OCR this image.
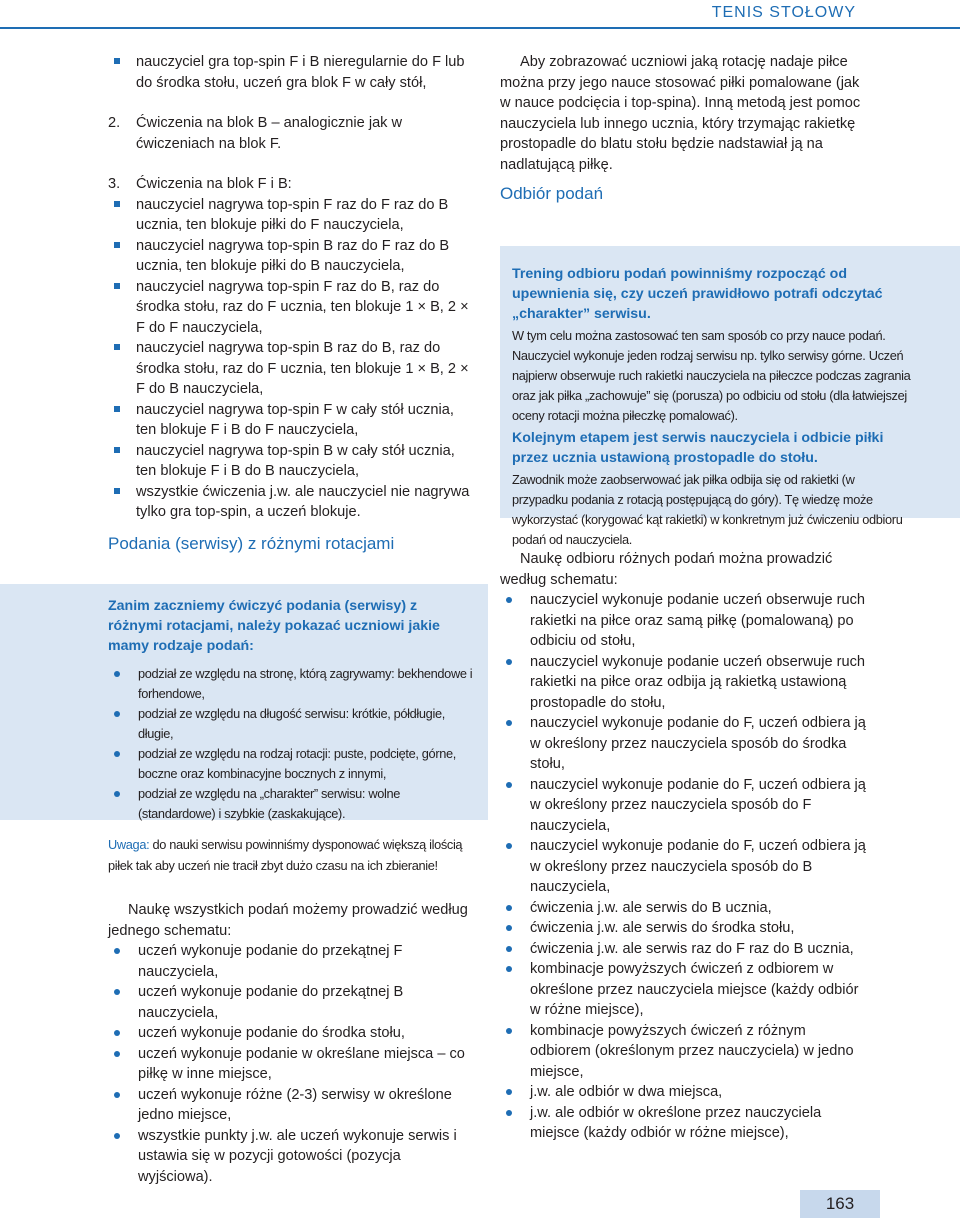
TENIS STOŁOWY
nauczyciel gra top-spin F i B nieregularnie do F lub do środka stołu, uczeń gra blok F w cały stół,
2.	Ćwiczenia na blok B – analogicznie jak w ćwiczeniach na blok F.
3.	Ćwiczenia na blok F i B:
nauczyciel nagrywa top-spin F raz do F raz do B ucznia, ten blokuje piłki do F nauczyciela,
nauczyciel nagrywa top-spin B raz do F raz do B ucznia, ten blokuje piłki do B nauczyciela,
nauczyciel nagrywa top-spin F raz do B, raz do środka stołu, raz do F ucznia, ten blokuje 1 × B, 2 × F do F nauczyciela,
nauczyciel nagrywa top-spin B raz do B, raz do środka stołu, raz do F ucznia, ten blokuje 1 × B, 2 × F do B nauczyciela,
nauczyciel nagrywa top-spin F w cały stół ucznia, ten blokuje F i B do F nauczyciela,
nauczyciel nagrywa top-spin B w cały stół ucznia, ten blokuje F i B do B nauczyciela,
wszystkie ćwiczenia j.w. ale nauczyciel nie nagrywa tylko gra top-spin, a uczeń blokuje.
Podania (serwisy) z różnymi rotacjami
Zanim zaczniemy ćwiczyć podania (serwisy) z różnymi rotacjami, należy pokazać uczniowi jakie mamy rodzaje podań:
podział ze względu na stronę, którą zagrywamy: bekhendowe i forhendowe,
podział ze względu na długość serwisu: krótkie, półdługie, długie,
podział ze względu na rodzaj rotacji: puste, podcięte, górne, boczne oraz kombinacyjne bocznych z innymi,
podział ze względu na „charakter” serwisu: wolne (standardowe) i szybkie (zaskakujące).
Uwaga: do nauki serwisu powinniśmy dysponować większą ilością piłek tak aby uczeń nie tracił zbyt dużo czasu na ich zbieranie!
Naukę wszystkich podań możemy prowadzić według jednego schematu:
uczeń wykonuje podanie do przekątnej F nauczyciela,
uczeń wykonuje podanie do przekątnej B nauczyciela,
uczeń wykonuje podanie do środka stołu,
uczeń wykonuje podanie w określane miejsca – co piłkę w inne miejsce,
uczeń wykonuje różne (2-3) serwisy w określone jedno miejsce,
wszystkie punkty j.w. ale uczeń wykonuje serwis i ustawia się w pozycji gotowości (pozycja wyjściowa).
Aby zobrazować uczniowi jaką rotację nadaje piłce można przy jego nauce stosować piłki pomalowane (jak w nauce podcięcia i top-spina). Inną metodą jest pomoc nauczyciela lub innego ucznia, który trzymając rakietkę prostopadle do blatu stołu będzie nadstawiał ją na nadlatującą piłkę.
Odbiór podań
Trening odbioru podań powinniśmy rozpocząć od upewnienia się, czy uczeń prawidłowo potrafi odczytać „charakter” serwisu.
W tym celu można zastosować ten sam sposób co przy nauce podań. Nauczyciel wykonuje jeden rodzaj serwisu np. tylko serwisy górne. Uczeń najpierw obserwuje ruch rakietki nauczyciela na piłeczce podczas zagrania oraz jak piłka „zachowuje” się (porusza) po odbiciu od stołu (dla łatwiejszej oceny rotacji można piłeczkę pomalować).
Kolejnym etapem jest serwis nauczyciela i odbicie piłki przez ucznia ustawioną prostopadle do stołu.
Zawodnik może zaobserwować jak piłka odbija się od rakietki (w przypadku podania z rotacją postępującą do góry). Tę wiedzę może wykorzystać (korygować kąt rakietki) w konkretnym już ćwiczeniu odbioru podań od nauczyciela.
Naukę odbioru różnych podań można prowadzić według schematu:
nauczyciel wykonuje podanie uczeń obserwuje ruch rakietki na piłce oraz samą piłkę (pomalowaną) po odbiciu od stołu,
nauczyciel wykonuje podanie uczeń obserwuje ruch rakietki na piłce oraz odbija ją rakietką ustawioną prostopadle do stołu,
nauczyciel wykonuje podanie do F, uczeń odbiera ją w określony przez nauczyciela sposób do środka stołu,
nauczyciel wykonuje podanie do F, uczeń odbiera ją w określony przez nauczyciela sposób do F nauczyciela,
nauczyciel wykonuje podanie do F, uczeń odbiera ją w określony przez nauczyciela sposób do B nauczyciela,
ćwiczenia j.w. ale serwis do B ucznia,
ćwiczenia j.w. ale serwis do środka stołu,
ćwiczenia j.w. ale serwis raz do F raz do B ucznia,
kombinacje powyższych ćwiczeń z odbiorem w określone przez nauczyciela miejsce (każdy odbiór w różne miejsce),
kombinacje powyższych ćwiczeń z różnym odbiorem (określonym przez nauczyciela) w jedno miejsce,
j.w. ale odbiór w dwa miejsca,
j.w. ale odbiór w określone przez nauczyciela miejsce (każdy odbiór w różne miejsce),
163
